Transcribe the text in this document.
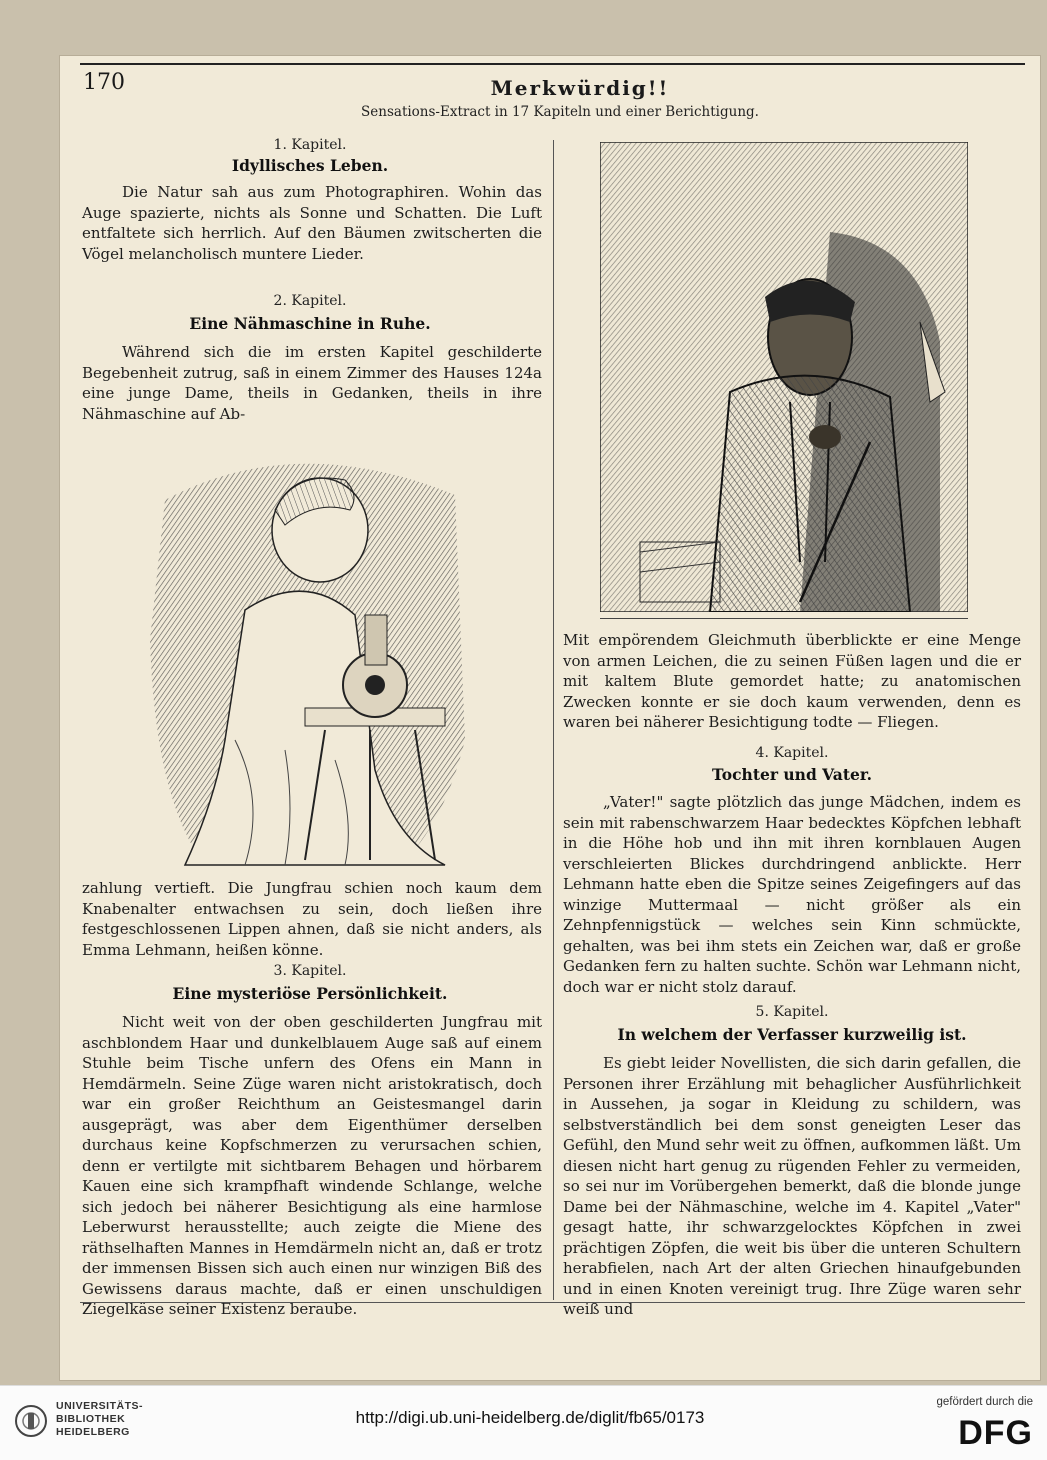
170	Merkwürdig!!
Sensations-Extract in 17 Kapiteln und einer Berichtigung.
1. Kapitel.
Idyllisches Leben.

Die Natur sah aus zum Photographiren. Wohin das Auge spazierte, nichts als Sonne und Schatten. Die Luft entfaltete sich herrlich. Auf den Bäumen zwitscherten die Vögel melancholisch muntere Lieder.

2. Kapitel.
Eine Nähmaschine in Ruhe.

Während sich die im ersten Kapitel geschilderte Begebenheit zutrug, saß in einem Zimmer des Hauses 124a eine junge Dame, theils in Gedanken, theils in ihre Nähmaschine auf Ab-

zahlung vertieft. Die Jungfrau schien noch kaum dem Knabenalter entwachsen zu sein, doch ließen ihre festgeschlossenen Lippen ahnen, daß sie nicht anders, als Emma Lehmann, heißen könne.

3. Kapitel.
Eine mysteriöse Persönlichkeit.

Nicht weit von der oben geschilderten Jungfrau mit aschblondem Haar und dunkelblauem Auge saß auf einem Stuhle beim Tische unfern des Ofens ein Mann in Hemdärmeln. Seine Züge waren nicht aristokratisch, doch war ein großer Reichthum an Geistesmangel darin ausgeprägt, was aber dem Eigenthümer derselben durchaus keine Kopfschmerzen zu verursachen schien, denn er vertilgte mit sichtbarem Behagen und hörbarem Kauen eine sich krampfhaft windende Schlange, welche sich jedoch bei näherer Besichtigung als eine harmlose Leberwurst herausstellte; auch zeigte die Miene des räthselhaften Mannes in Hemdärmeln nicht an, daß er trotz der immensen Bissen sich auch einen nur winzigen Biß des Gewissens daraus machte, daß er einen unschuldigen Ziegelkäse seiner Existenz beraube.

Mit empörendem Gleichmuth überblickte er eine Menge von armen Leichen, die zu seinen Füßen lagen und die er mit kaltem Blute gemordet hatte; zu anatomischen Zwecken konnte er sie doch kaum verwenden, denn es waren bei näherer Besichtigung todte — Fliegen.

4. Kapitel.
Tochter und Vater.

„Vater!" sagte plötzlich das junge Mädchen, indem es sein mit rabenschwarzem Haar bedecktes Köpfchen lebhaft in die Höhe hob und ihn mit ihren kornblauen Augen verschleierten Blickes durchdringend anblickte. Herr Lehmann hatte eben die Spitze seines Zeigefingers auf das winzige Muttermaal — nicht größer als ein Zehnpfennigstück — welches sein Kinn schmückte, gehalten, was bei ihm stets ein Zeichen war, daß er große Gedanken fern zu halten suchte. Schön war Lehmann nicht, doch war er nicht stolz darauf.

5. Kapitel.
In welchem der Verfasser kurzweilig ist.

Es giebt leider Novellisten, die sich darin gefallen, die Personen ihrer Erzählung mit behaglicher Ausführlichkeit in Aussehen, ja sogar in Kleidung zu schildern, was selbstverständlich bei dem sonst geneigten Leser das Gefühl, den Mund sehr weit zu öffnen, aufkommen läßt. Um diesen nicht hart genug zu rügenden Fehler zu vermeiden, so sei nur im Vorübergehen bemerkt, daß die blonde junge Dame bei der Nähmaschine, welche im 4. Kapitel „Vater" gesagt hatte, ihr schwarzgelocktes Köpfchen in zwei prächtigen Zöpfen, die weit bis über die unteren Schultern herabfielen, nach Art der alten Griechen hinaufgebunden und in einen Knoten vereinigt trug. Ihre Züge waren sehr weiß und

UNIVERSITÄTS-
BIBLIOTHEK
HEIDELBERG
http://digi.ub.uni-heidelberg.de/diglit/fb65/0173
gefördert durch die
DFG
